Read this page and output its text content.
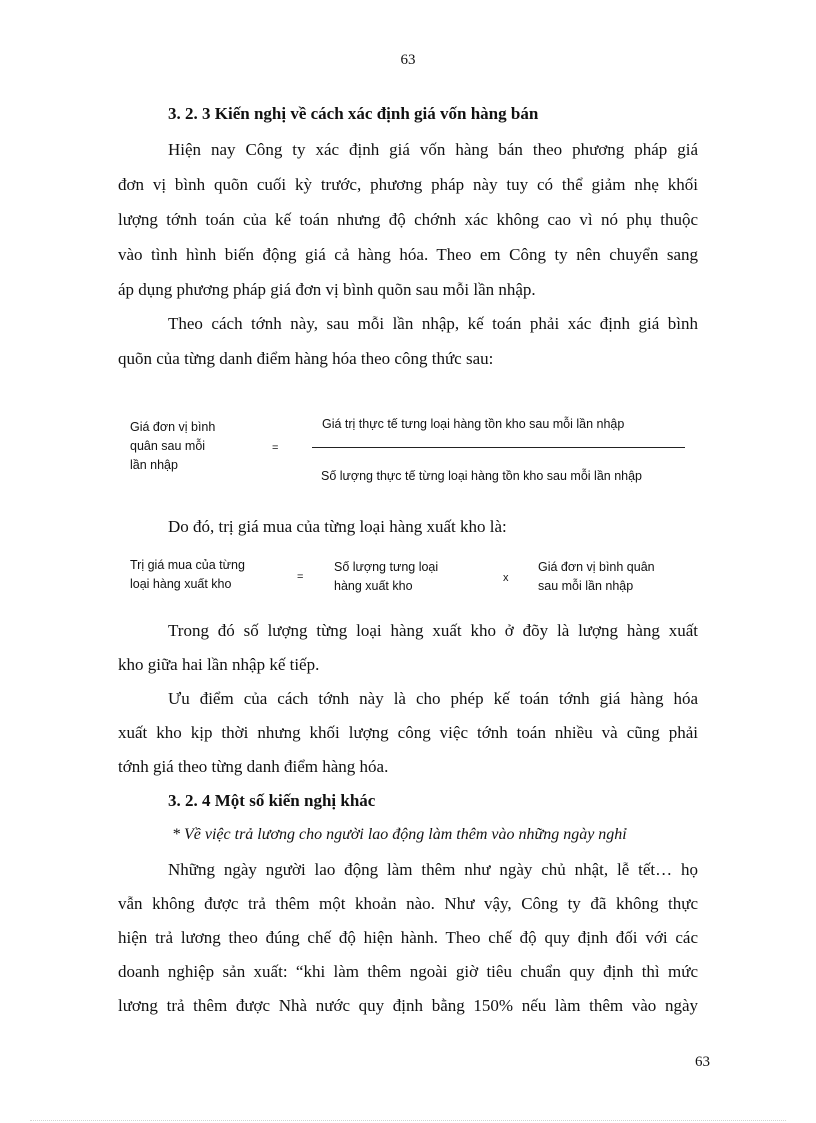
63
3. 2. 3 Kiến nghị về cách xác định giá vốn hàng bán
Hiện nay Công ty xác định giá vốn hàng bán theo phương pháp giá
đơn vị bình quõn cuối kỳ trước, phương pháp này tuy có thể giảm nhẹ khối
lượng tớnh toán của kế toán nhưng độ chớnh xác không cao vì nó phụ thuộc
vào tình hình biến động giá cả hàng hóa. Theo em Công ty nên chuyển sang
áp dụng phương pháp giá đơn vị bình quõn sau mỗi lần nhập.
Theo cách tớnh này, sau mỗi lần nhập, kế toán phải xác định giá bình
quõn của từng danh điểm hàng hóa theo công thức sau:
Giá đơn vị bình
quân sau mỗi
lần nhập
=
Giá trị thực tế tưng loại hàng tồn kho sau mỗi lần nhập
Số lượng thực tế từng loại hàng tồn kho sau mỗi lần nhập
Do đó, trị giá mua của từng loại hàng xuất kho là:
Trị giá mua của từng
loại hàng xuất kho	=
Số lượng tưng loại
hàng xuất kho
x
Giá đơn vị bình quân
sau mỗi lần nhập
Trong đó số lượng từng loại hàng xuất kho ở đõy là lượng hàng xuất
kho giữa hai lần nhập kế tiếp.
Ưu điểm của cách tớnh này là cho phép kế toán tớnh giá hàng hóa
xuất kho kịp thời nhưng khối lượng công việc tớnh toán nhiều và cũng phải
tớnh giá theo từng danh điểm hàng hóa.
3. 2. 4 Một số kiến nghị khác
* Về việc trả lương cho người lao động làm thêm vào những ngày nghỉ
Những ngày người lao động làm thêm như ngày chủ nhật, lễ tết… họ
vẫn không được trả thêm một khoản nào. Như vậy, Công ty đã không thực
hiện trả lương theo đúng chế độ hiện hành. Theo chế độ quy định đối với các
doanh nghiệp sản xuất: “khi làm thêm ngoài giờ tiêu chuẩn quy định thì mức
lương trả thêm được Nhà nước quy định bằng 150% nếu làm thêm vào ngày
63
